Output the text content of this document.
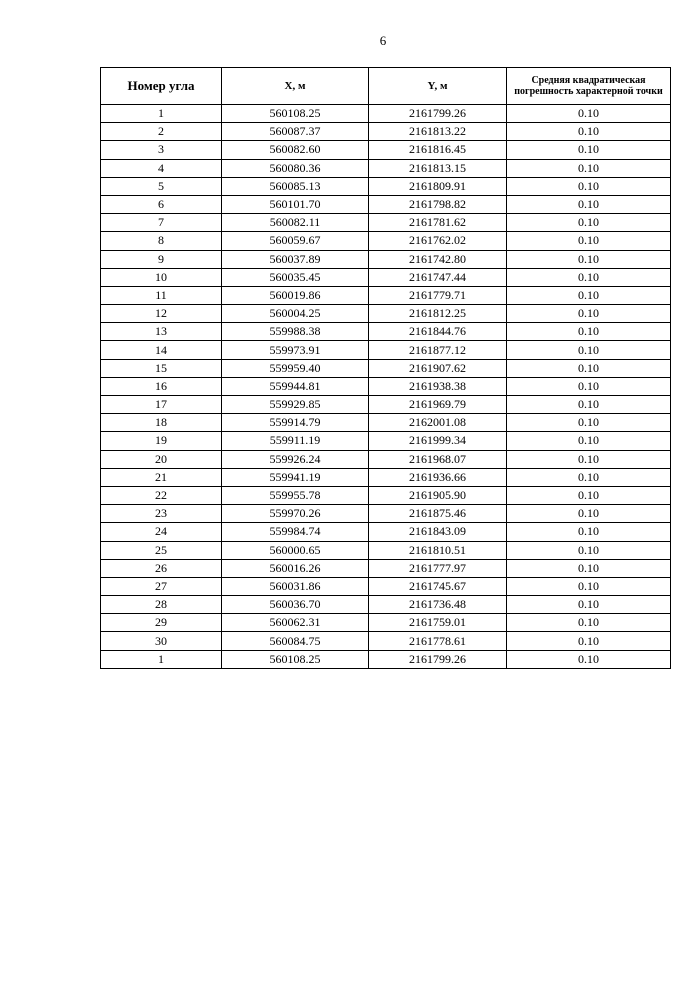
6
Номер угла	X, м	Y, м	Средняя квадратическая погрешность характерной точки
1	560108.25	2161799.26	0.10
2	560087.37	2161813.22	0.10
3	560082.60	2161816.45	0.10
4	560080.36	2161813.15	0.10
5	560085.13	2161809.91	0.10
6	560101.70	2161798.82	0.10
7	560082.11	2161781.62	0.10
8	560059.67	2161762.02	0.10
9	560037.89	2161742.80	0.10
10	560035.45	2161747.44	0.10
11	560019.86	2161779.71	0.10
12	560004.25	2161812.25	0.10
13	559988.38	2161844.76	0.10
14	559973.91	2161877.12	0.10
15	559959.40	2161907.62	0.10
16	559944.81	2161938.38	0.10
17	559929.85	2161969.79	0.10
18	559914.79	2162001.08	0.10
19	559911.19	2161999.34	0.10
20	559926.24	2161968.07	0.10
21	559941.19	2161936.66	0.10
22	559955.78	2161905.90	0.10
23	559970.26	2161875.46	0.10
24	559984.74	2161843.09	0.10
25	560000.65	2161810.51	0.10
26	560016.26	2161777.97	0.10
27	560031.86	2161745.67	0.10
28	560036.70	2161736.48	0.10
29	560062.31	2161759.01	0.10
30	560084.75	2161778.61	0.10
1	560108.25	2161799.26	0.10
